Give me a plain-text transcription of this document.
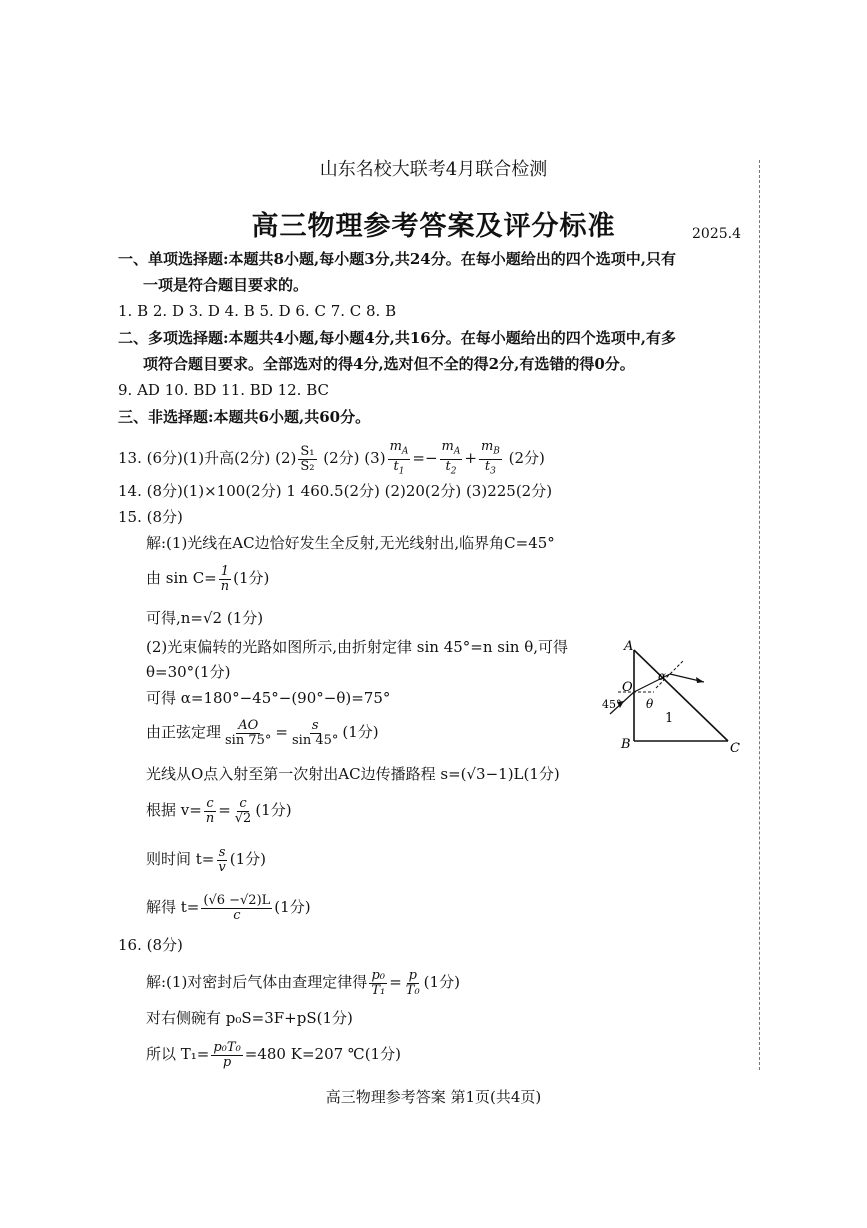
山东名校大联考4月联合检测
高三物理参考答案及评分标准	2025.4
一、单项选择题:本题共8小题,每小题3分,共24分。在每小题给出的四个选项中,只有
一项是符合题目要求的。
1. B 2. D 3. D 4. B 5. D 6. C 7. C 8. B
二、多项选择题:本题共4小题,每小题4分,共16分。在每小题给出的四个选项中,有多
项符合题目要求。全部选对的得4分,选对但不全的得2分,有选错的得0分。
9. AD 10. BD 11. BD 12. BC
三、非选择题:本题共6小题,共60分。
13. (6分)(1)升高(2分) $(2) \frac{\text{S₁}}{\text{S₂}} (2$分) $(3) \frac{m_A}{t_1} =- \frac{m_A}{t_2} + \frac{m_B}{t_3} (2$分)
14. (8分)(1)×100(2分) 1 460.5(2分) (2)20(2分) (3)225(2分)
15. (8分)
解:(1)光线在AC边恰好发生全反射,无光线射出,临界角C=45°
由 $\sin C= \frac{1}{n} (1$分)
可得,n=√2 (1分)
(2)光束偏转的光路如图所示,由折射定律 sin 45°=n sin θ,可得
θ=30°(1分)
可得 α=180°−45°−(90°−θ)=75°
由正弦定理 $\frac{AO}{\sin 75^\circ} = \frac{s}{\sin 45^\circ} (1$分)
光线从O点入射至第一次射出AC边传播路程 s=(√3−1)L(1分)
根据 $v= \frac{c}{n} = \frac{c}{√2} (1$分)
则时间 $t= \frac{s}{v} (1$分)
解得 $t= \frac{(√6 -√2)L}{c} (1$分)
A
B	C
O
α
θ
45°
1
16. (8分)
解:(1)对密封后气体由查理定律得 $\frac{\text{p₀}}{\text{T₁}} = \frac{p}{\text{T₀}} (1$分)
对右侧碗有 p₀S=3F+pS(1分)
所以 $T_1= \frac{\text{p₀T₀}}{p} =480$ K=207 ℃(1分)
高三物理参考答案 第1页(共4页)
